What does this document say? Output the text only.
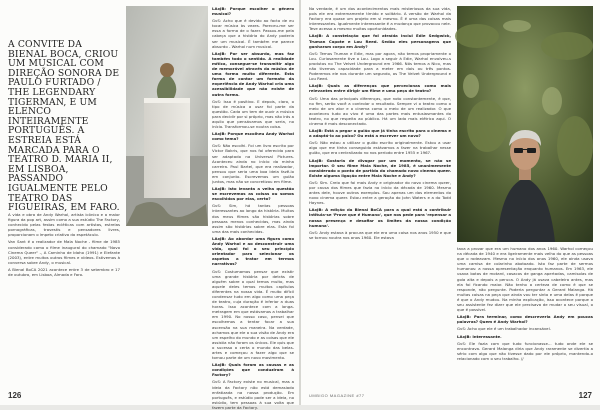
A CONVITE DA BIENAL BOCA, CRIOU UM MUSICAL COM DIREÇÃO SONORA DE PAULO FURTADO / THE LEGENDARY TIGERMAN, E UM ELENCO INTEIRAMENTE PORTUGUÊS. A ESTREIA ESTÁ MARCADA PARA O TEATRO D. MARIA II, EM LISBOA, PASSANDO IGUALMENTE PELO TEATRO DAS FIGUEIRAS, EM FARO.

A vida e obra de Andy Warhol, artista icónico e a maior figura da pop art, assim como a sua estúdio The Factory, conhecido pelas festas ecléticas com artistas, estrelas pornográficas, travestis e pensadores livres, proporcionam o ímpeto criativo do espetáculo.

Van Sant é o realizador de Mala Noche - filme de 1985 considerado como o filme inaugural do chamado "Novo Cinema Queer" -, A Caminho de Idaho (1991) e Elefante (2003), entre muitos outros filmes e vídeos. Estivemos à conversa sobre Andy, o musical.

A Bienal BoCA 2021 acontece entre 3 de setembro e 17 de outubro, em Lisboa, Almada e Faro.

LAxJB: Porque escolher o género musical?

GvS: Acho que é devido ao facto de eu tocar música às vezes. Pareceu-me ser essa a forma de o fazer. Passou-me pela cabeça que a história do Andy poderia ser um musical. É também me parece absurdo - Warhol num musical.

LAxJB: Por ser absurdo, mas faz também todo o sentido. A realidade mítica, consegue-se transmitir algo de memorável através da música de uma forma muito diferente. Esta forma de contar um formato da experiência de Andy Warhol cria uma acessibilidade que não existe de outra forma.

GvS: Isso é positivo. E depois, claro, o tipo de música a usar foi parte da questão. Cada um tem de ouvir a música para decidir por si próprio, mas não irás a aquilo que pensávamos que seria, no início. Transformou-se noutra coisa.

LAxJB: Porque escolheu Andy Warhol como tema?

GvS: Não escolhi. Foi um livro escrito por Victor Bokris, que nos foi oferecido para ser adaptado na Universal Pictures. Aconteceu ainda no início da minha carreira. Paul Bartel, que era realizador, pensou que seria uma boa ideia fazê-lo em conjunto. Escrevemos um guião juntos, mas não se concretizou em filme.

LAxJB: Isto levanta a velha questão se escrevemos as coisas ou somos escolhidos por elas, certo?

GvS: Sim, há tantas pessoas interessantes ao longo da história. Muitos dos meus filmes são histórias sobre pessoas menos conhecidas, mas ainda assim são histórias sobre elas. Esta foi uma das mais conhecidas.

LAxJB: Ao abordar uma figura como Andy Warhol e ao desconstruir uma vida, qual foi o seu princípio orientador para selecionar os aspetos a tratar em termos narrativos?

GvS: Costumamos pensar que existir uma grande história por detrás de alguém sobre o qual temos muito, mas aquele deles temos muitos capítulos diferentes na nossa vida. É muito difícil condensar tudo em algo como uma peça de teatro, cuja duração é inferior a duas horas. Isso acontece com a longa-metragem em que estávamos a trabalhar em 1990. No nosso caso, pensei que escolhemos a tentar focar a sua ascensão na sua maneira. Na verdade, achamos que ele a sua visão de Andy era um espelho do mundo e as coisas que ele assistia não foram os únicos. Ele quis que o sucesso a certa o mundo das belas-artes e começou a fazer algo que se tornou parte de um novo movimento.

LAxJB: Quais foram as causas e as condições que conduziram à Factory?

GvS: A Factory existe no musical, mas a ideia da Factory não está demasiado enfatizada na nossa produção. Em português, e estúdio pode ser a ideia, no estúdio, tem pessoas à sua volta que fazem parte da Factory.

126

Na verdade, é um dos acontecimentos mais misteriosos da sua vida, pois ele era extremamente tímido e solitário. A versão de Warhol da Factory era quase um projeto em si mesmo. É é uma das coisas mais interessantes. Igualmente interessante é a mudança que provocou nele. Teve acesso a mesmo muitas oportunidades.

LAxJB: A constelação que foi atraída inclui Edie Sedgwick, Truman Capote e Lou Reed. Sedão eles personagens que ganharam corpo em Andy?

GvS: Temos Truman e Edie, mas por agora, não temos propriamente o Lou. Curiosamente tive o Lou. Logo a seguir à Edie, Warhol envolveu-s produtos no The Velvet Underground em 1966. Nós temos a Nico, mas não tivemos capacidade para a meter em dois ou três pontos. Poderemos ele nos durante um segundo, os The Velvet Underground e Lou Reed.

LAxJB: Quais as diferenças que percecionas como mais relevantes entre dirigir um filme e uma peça de teatro?

GvS: Uma das principais diferenças, que noto constantemente, é que, no fim, serão você a controlar o resultado. Sempre vi o teatro como o meio de um ator e o cinema como o meio de um realizador. O que aconteceu tudo ao vivo é uma das partes mais entusiasmantes do teatro, no que respeita ao público. Há um lado mais elétrico aqui. O cinema é mais desconectado.

LAxJB: Está a pegar o guião que já tinha escrito para o cinema e a adaptá-lo ao palco? Ou está a escrever um novo?

GvS: Não estou a utilizar o guião escrito originalmente. Estou a usar algo que me tinha conseguido estávamos a fazer na trabalhar nesse guião, que era centralizado no nos período entre 1955 e 1967.

LAxJB: Gostaria de divagar por um momento, se não se importar. O seu filme Mala Noche, de 1985, é unanimemente considerado o ponto de partida do chamado novo cinema queer. Existe alguma ligação entre Mala Noche e Andy?

GvS: Sim. Creio que foi mais Andy e originador do novo cinema queer, por causa dos filmes que fazia no início da década de 1960. Mesmo antes dele, houve outros exemplos. Sou apenas um dos elementos do novo cinema queer. Estou entre a geração do John Waters e a do Todd Haynes.

LAxJB: A edição da Bienal BoCA para a qual está a contribuir intitula-se 'Prove que é Humano', que nos pede para 'repensar a nossa presença e desafiar os limites da nossa condição humana'.

GvS: Andy estava à procura que ele era uma coisa nos anos 1950 e que se tornou noutra nos anos 1960. Ele estava

tava a provar que era um humano dos anos 1960. Warhol começou na década de 1940 e era ligeiramente mais velho do que as pessoas que o rodeavam. Mesmo no início dos anos 1960, ele ainda usava uma camisa de colarinho abotoado. Isto faz parte de sermos humanos: a nossa apresentação enquanto humanos. Em 1963, ele usava botas de motard, casacos de ganga apertadas, camisolas de gola alta e depois a peruca. O Andy já usava cabeleira antes, mas ela foi ficando maior. Não tenho a certeza de como é que se responde, não pergunte. Poderia perguntar a Gerard Malanga. Há muitas coisas na peça que ainda vou ter sinto e uma delas é porque é que o Andy mudou. Na minha explicação, isso acontece porque o seu assistente fez dizer que ele precisava de mudar o seu visual, o que é possível.

LAxJB: Para terminar, como descreveria Andy em poucas palavras? Quem é Andy Warhol?

GvS: Acho que ele é um trabalhador incansável.

LAxJB: Interessante.

GvS: Ele fazia com que tudo funcionasse... tudo onde ele se encontrava. Gerard Malanga diria que Andy raramente se divertia a sério com algo que não tivesse dado por ele próprio, mantendo-o relacionado com o seu trabalho. //

UMBIGO MAGAZINE #77	127
